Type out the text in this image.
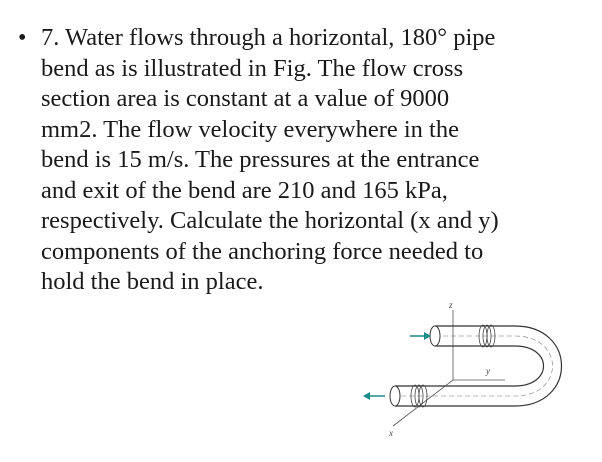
• 7. Water flows through a horizontal, 180° pipe
bend as is illustrated in Fig. The flow cross
section area is constant at a value of 9000
mm2. The flow velocity everywhere in the
bend is 15 m/s. The pressures at the entrance
and exit of the bend are 210 and 165 kPa,
respectively. Calculate the horizontal (x and y)
components of the anchoring force needed to
hold the bend in place.
z
y
x
